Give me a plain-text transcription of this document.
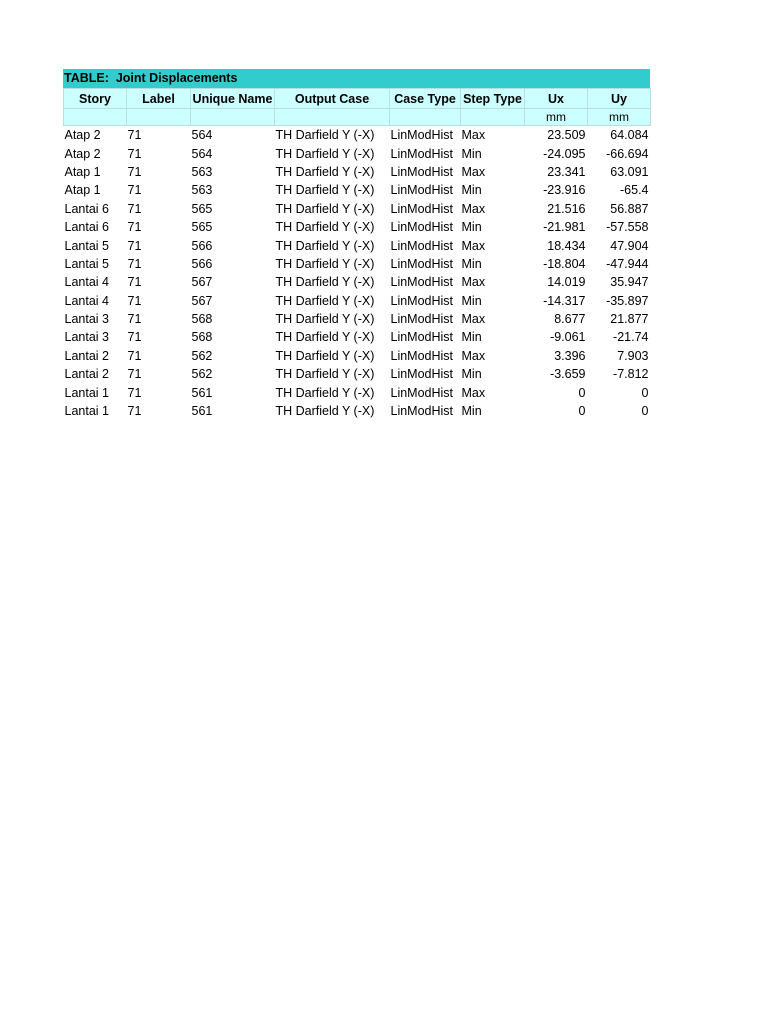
TABLE:  Joint Displacements
Story	Label	Unique Name	Output Case	Case Type	Step Type	Ux	Uy
						mm	mm
Atap 2	71	564	TH Darfield Y (-X)	LinModHist	Max	23.509	64.084
Atap 2	71	564	TH Darfield Y (-X)	LinModHist	Min	-24.095	-66.694
Atap 1	71	563	TH Darfield Y (-X)	LinModHist	Max	23.341	63.091
Atap 1	71	563	TH Darfield Y (-X)	LinModHist	Min	-23.916	-65.4
Lantai 6	71	565	TH Darfield Y (-X)	LinModHist	Max	21.516	56.887
Lantai 6	71	565	TH Darfield Y (-X)	LinModHist	Min	-21.981	-57.558
Lantai 5	71	566	TH Darfield Y (-X)	LinModHist	Max	18.434	47.904
Lantai 5	71	566	TH Darfield Y (-X)	LinModHist	Min	-18.804	-47.944
Lantai 4	71	567	TH Darfield Y (-X)	LinModHist	Max	14.019	35.947
Lantai 4	71	567	TH Darfield Y (-X)	LinModHist	Min	-14.317	-35.897
Lantai 3	71	568	TH Darfield Y (-X)	LinModHist	Max	8.677	21.877
Lantai 3	71	568	TH Darfield Y (-X)	LinModHist	Min	-9.061	-21.74
Lantai 2	71	562	TH Darfield Y (-X)	LinModHist	Max	3.396	7.903
Lantai 2	71	562	TH Darfield Y (-X)	LinModHist	Min	-3.659	-7.812
Lantai 1	71	561	TH Darfield Y (-X)	LinModHist	Max	0	0
Lantai 1	71	561	TH Darfield Y (-X)	LinModHist	Min	0	0
